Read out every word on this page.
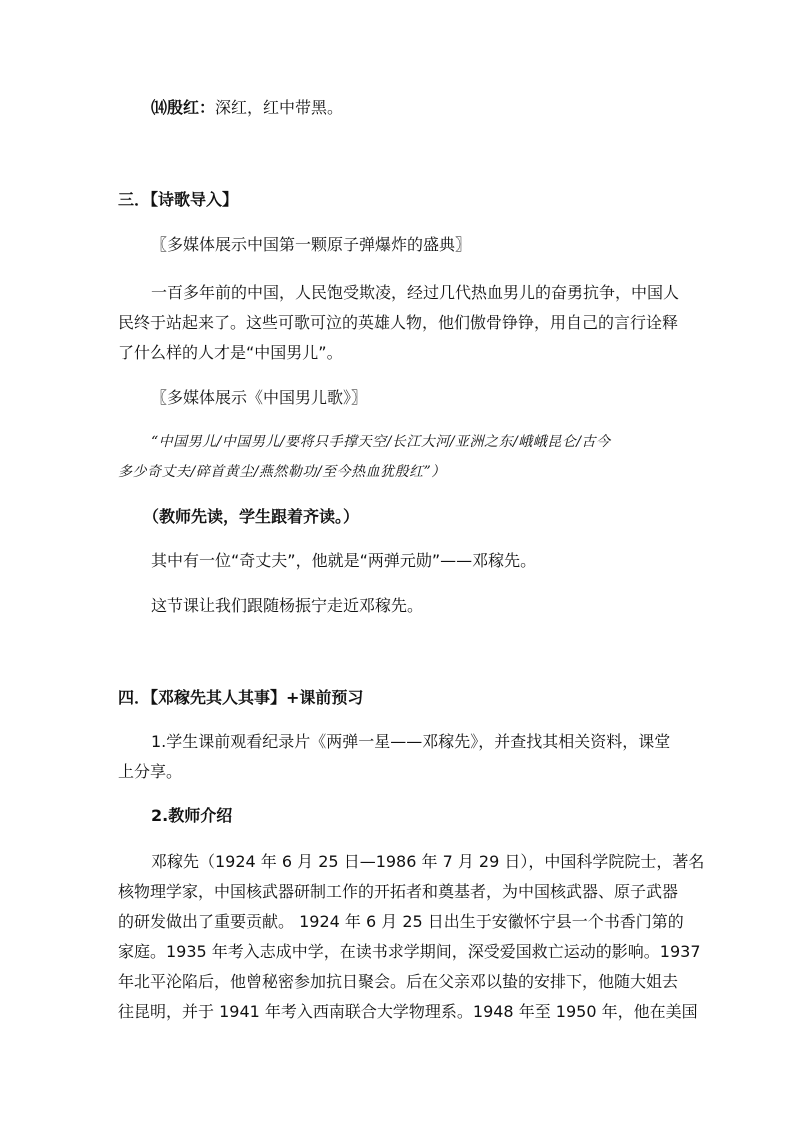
⒁殷红：深红，红中带黑。
三．【诗歌导入】
〖多媒体展示中国第一颗原子弹爆炸的盛典〗
一百多年前的中国，人民饱受欺凌，经过几代热血男儿的奋勇抗争，中国人
民终于站起来了。这些可歌可泣的英雄人物，他们傲骨铮铮，用自己的言行诠释
了什么样的人才是“中国男儿”。
〖多媒体展示《中国男儿歌》〗
“中国男儿/中国男儿/要将只手撑天空/长江大河/亚洲之东/峨峨昆仑/古今
多少奇丈夫/碎首黄尘/燕然勒功/至今热血犹殷红”）
（教师先读，学生跟着齐读。）
其中有一位“奇丈夫”，他就是“两弹元勋”——邓稼先。
这节课让我们跟随杨振宁走近邓稼先。
四．【邓稼先其人其事】+课前预习
1.学生课前观看纪录片《两弹一星——邓稼先》，并查找其相关资料，课堂
上分享。
2.教师介绍
邓稼先（1924 年 6 月 25 日—1986 年 7 月 29 日），中国科学院院士，著名
核物理学家，中国核武器研制工作的开拓者和奠基者，为中国核武器、原子武器
的研发做出了重要贡献。 1924 年 6 月 25 日出生于安徽怀宁县一个书香门第的
家庭。1935 年考入志成中学，在读书求学期间，深受爱国救亡运动的影响。1937
年北平沦陷后，他曾秘密参加抗日聚会。后在父亲邓以蛰的安排下，他随大姐去
往昆明，并于 1941 年考入西南联合大学物理系。1948 年至 1950 年，他在美国
